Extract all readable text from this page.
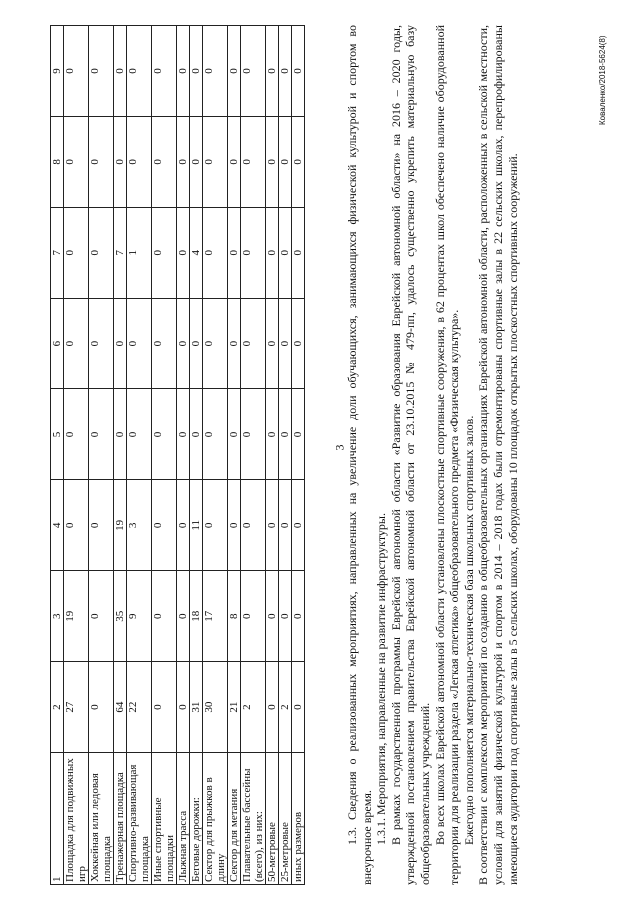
3
1	2	3	4	5	6	7	8	9
Площадка для подвижных игр	27	19	0	0	0	0	0	0
Хоккейная или ледовая площадка	0	0	0	0	0	0	0	0
Тренажерная площадка	64	35	19	0	0	7	0	0
Спортивно-развивающая площадка	22	9	3	0	0	1	0	0
Иные спортивные площадки	0	0	0	0	0	0	0	0
Лыжная трасса	0	0	0	0	0	0	0	0
Беговые дорожки:	31	18	11	0	0	4	0	0
Сектор для прыжков в длину	30	17	0	0	0	0	0	0
Сектор для метания	21	8	0	0	0	0	0	0
Плавательные бассейны (всего), из них:	2	0	0	0	0	0	0	0
50-метровые	0	0	0	0	0	0	0	0
25-метровые	2	0	0	0	0	0	0	0
иных размеров	0	0	0	0	0	0	0	0	1.3. Сведения о реализованных мероприятиях, направленных на увеличение доли обучающихся, занимающихся физической культурой и спортом во внеурочное время. 1.3.1. Мероприятия, направленные на развитие инфраструктуры. В рамках государственной программы Еврейской автономной области «Развитие образования Еврейской автономной области» на 2016 – 2020 годы, утвержденной постановлением правительства Еврейской автономной области от 23.10.2015 № 479-пп, удалось существенно укрепить материальную базу общеобразовательных учреждений. Во всех школах Еврейской автономной области установлены плоскостные спортивные сооружения, в 62 процентах школ обеспечено наличие оборудованной территории для реализации раздела «Легкая атлетика» общеобразовательного предмета «Физическая культура». Ежегодно пополняется материально-техническая база школьных спортивных залов. В соответствии с комплексом мероприятий по созданию в общеобразовательных организациях Еврейской автономной области, расположенных в сельской местности, условий для занятий физической культурой и спортом в 2014 – 2018 годах были отремонтированы спортивные залы в 22 сельских школах, перепрофилированы имеющиеся аудитории под спортивные залы в 5 сельских школах, оборудованы 10 площадок открытых плоскостных спортивных сооружений.

Коваленко/2018-5624(8)
